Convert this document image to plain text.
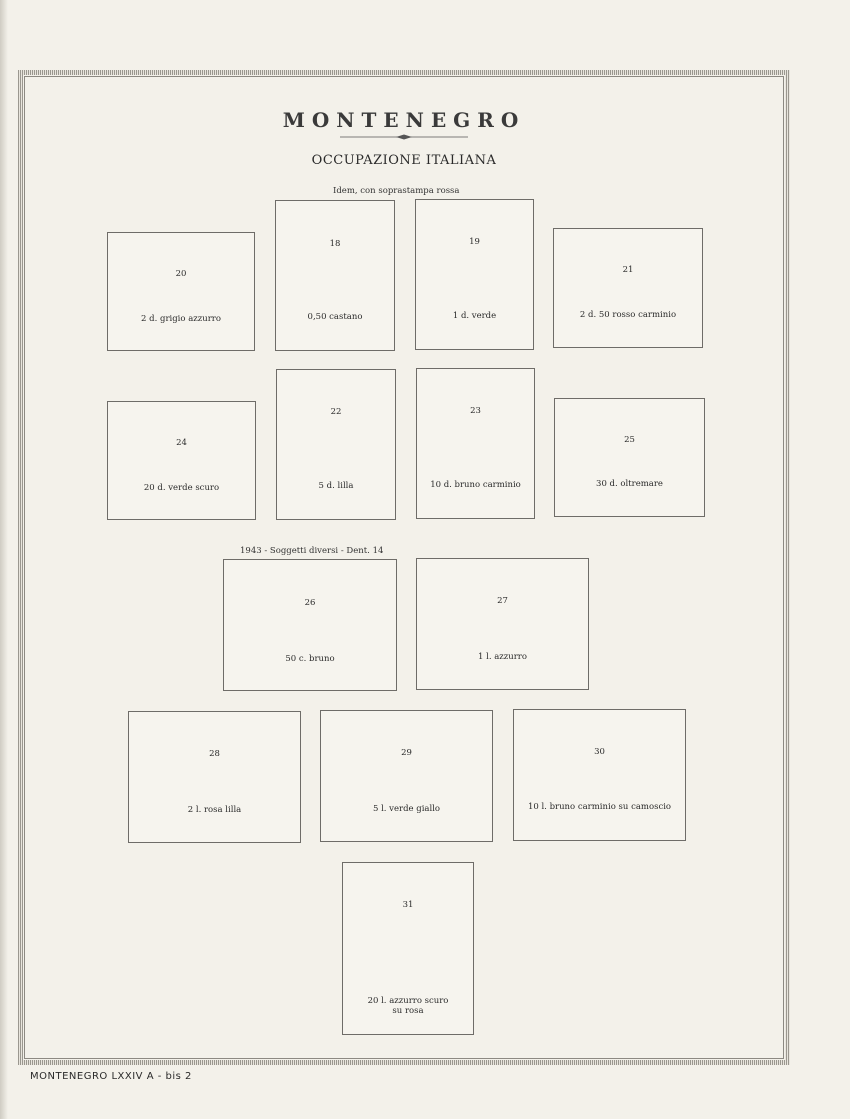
MONTENEGRO
OCCUPAZIONE ITALIANA
Idem, con soprastampa rossa
1943 - Soggetti diversi - Dent. 14
20
2 d. grigio azzurro
18
0,50 castano
19
1 d. verde
21
2 d. 50 rosso carminio
24
20 d. verde scuro
22
5 d. lilla
23
10 d. bruno carminio
25
30 d. oltremare
26
50 c. bruno
27
1 l. azzurro
28
2 l. rosa lilla
29
5 l. verde giallo
30
10 l. bruno carminio su camoscio
31
20 l. azzurro scuro
su rosa
MONTENEGRO LXXIV A - bis 2
